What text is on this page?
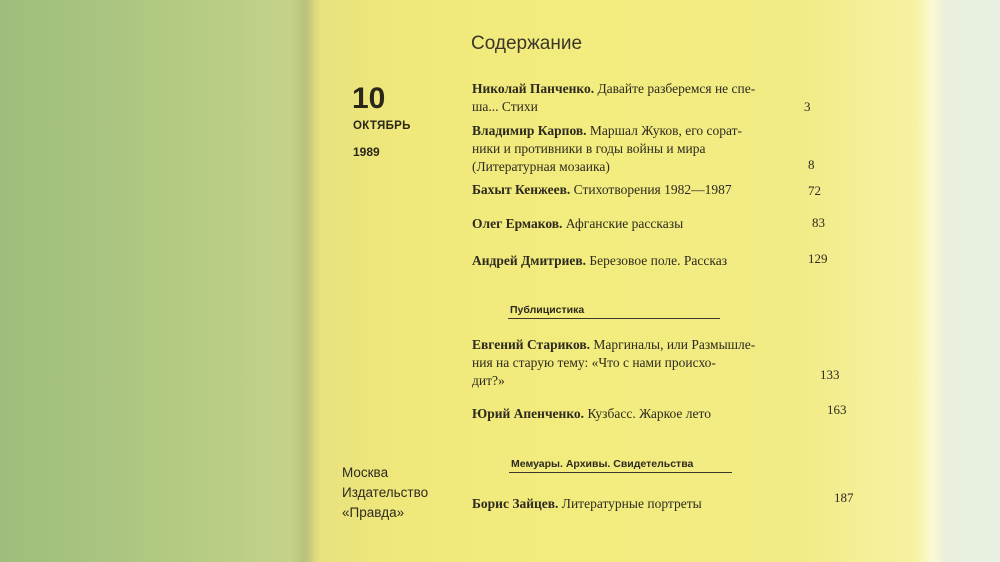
Содержание
10
ОКТЯБРЬ
1989
Николай Панченко. Давайте разберемся не спе-
ша... Стихи	3
Владимир Карпов. Маршал Жуков, его сорат-
ники и противники в годы войны и мира
(Литературная мозаика)	8
Бахыт Кенжеев. Стихотворения 1982—1987	72
Олег Ермаков. Афганские рассказы	83
Андрей Дмитриев. Березовое поле. Рассказ	129
Публицистика
Евгений Стариков. Маргиналы, или Размышле-
ния на старую тему: «Что с нами происхо-
дит?»	133
Юрий Апенченко. Кузбасс. Жаркое лето	163
Мемуары. Архивы. Свидетельства
Борис Зайцев. Литературные портреты	187
Москва
Издательство
«Правда»
